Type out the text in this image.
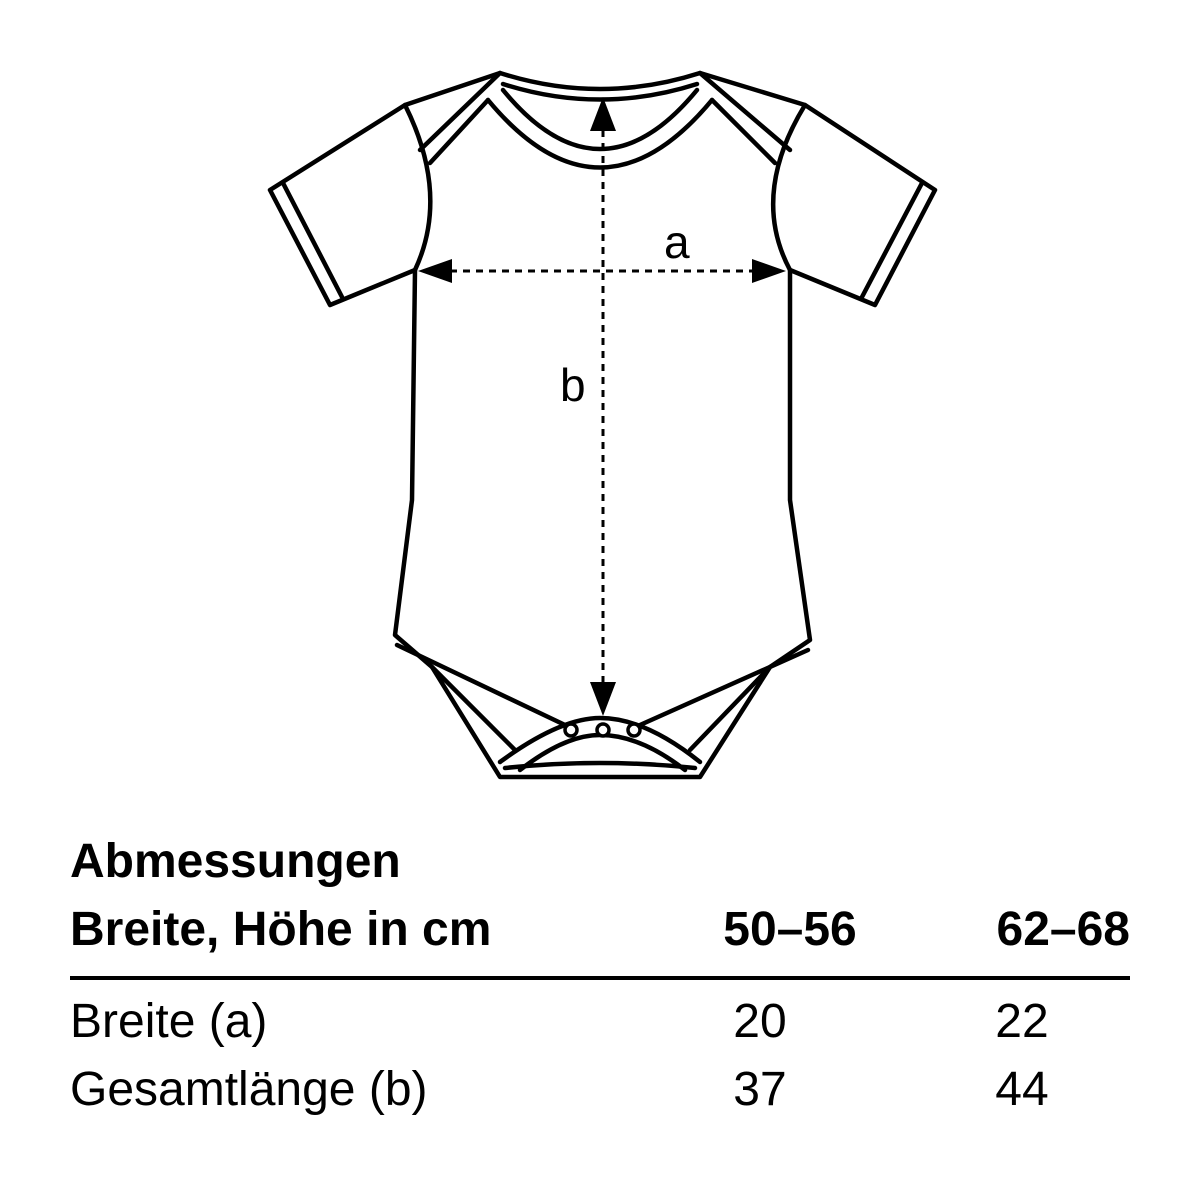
a
b
Abmessungen
Breite, Höhe in cm	50–56	62–68
Breite (a)	20	22
Gesamtlänge (b)	37	44
